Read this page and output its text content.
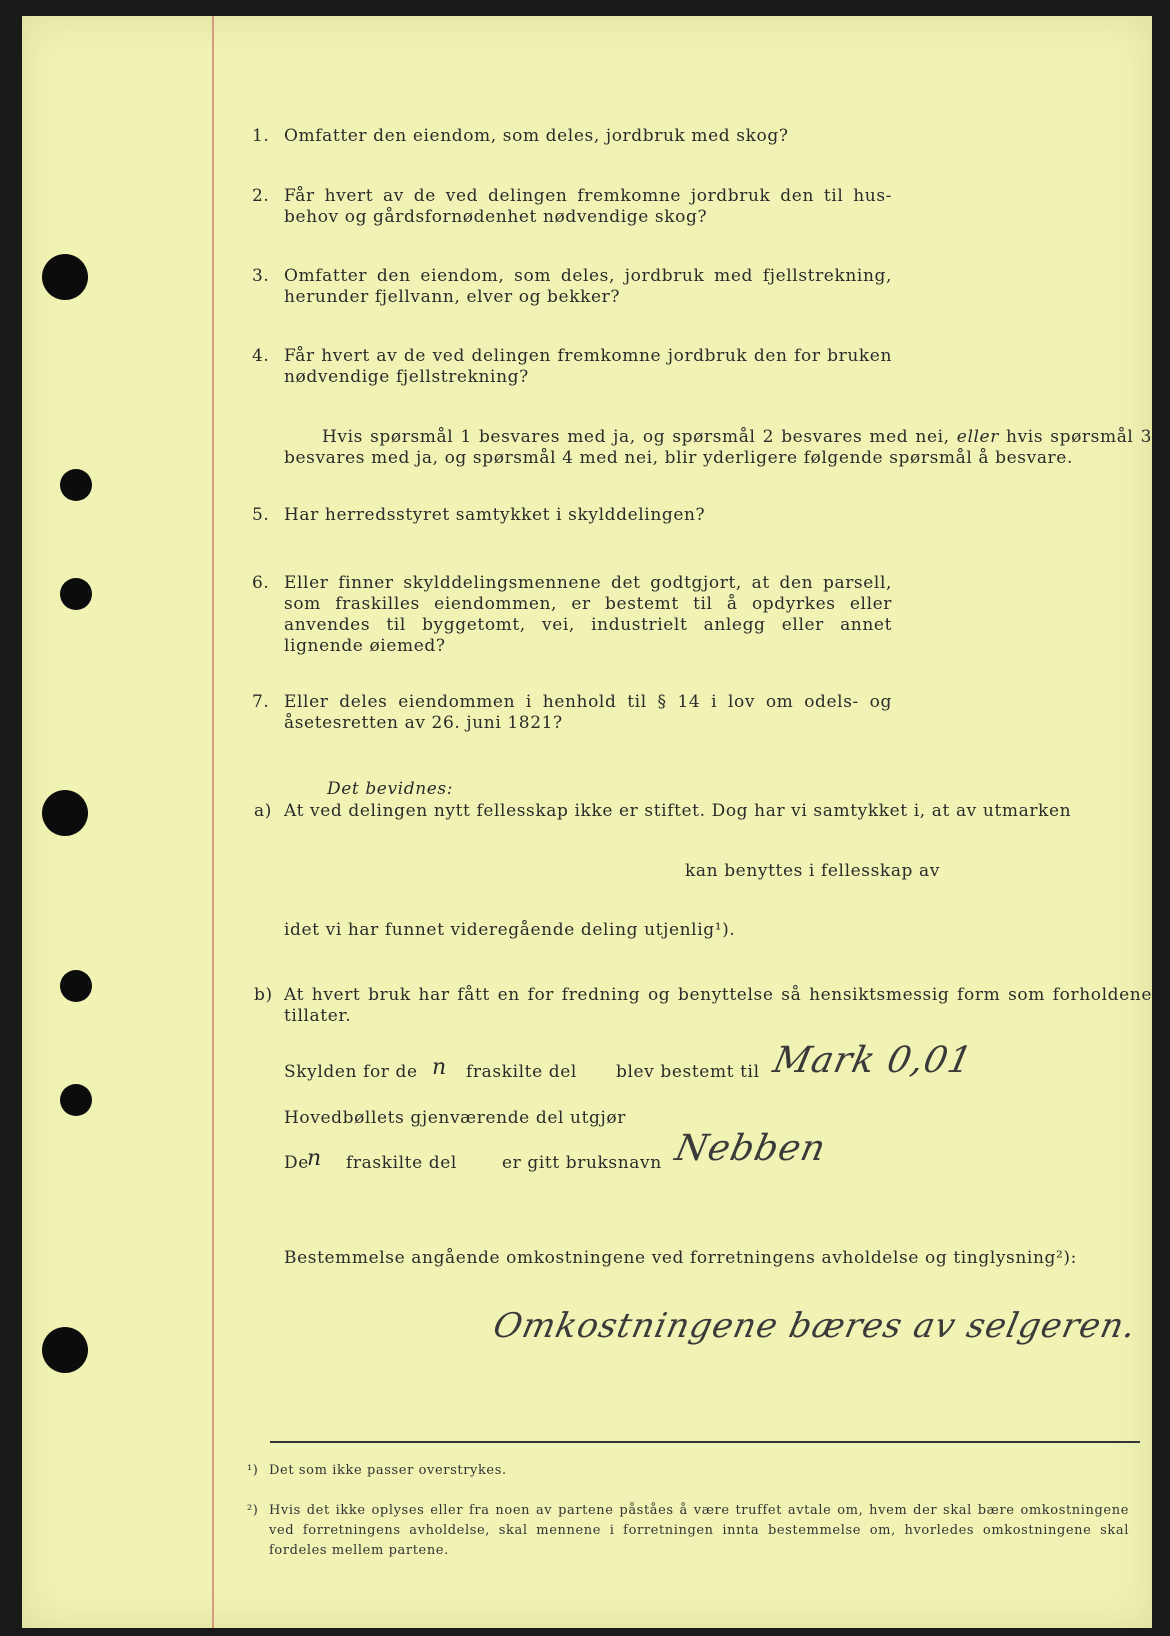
1. Omfatter den eiendom, som deles, jordbruk med skog?
2. Får hvert av de ved delingen fremkomne jordbruk den til hus-behov og gårdsfornødenhet nødvendige skog?
3. Omfatter den eiendom, som deles, jordbruk med fjellstrekning, herunder fjellvann, elver og bekker?
4. Får hvert av de ved delingen fremkomne jordbruk den for bruken nødvendige fjellstrekning?
Hvis spørsmål 1 besvares med ja, og spørsmål 2 besvares med nei, eller hvis spørsmål 3 besvares med ja, og spørsmål 4 med nei, blir yderligere følgende spørsmål å besvare.
5. Har herredsstyret samtykket i skylddelingen?
6. Eller finner skylddelingsmennene det godtgjort, at den parsell, som fraskilles eiendommen, er bestemt til å opdyrkes eller anvendes til byggetomt, vei, industrielt anlegg eller annet lignende øiemed?
7. Eller deles eiendommen i henhold til § 14 i lov om odels- og åsetesretten av 26. juni 1821?
Det bevidnes:
a) At ved delingen nytt fellesskap ikke er stiftet. Dog har vi samtykket i, at av utmarken
kan benyttes i fellesskap av
idet vi har funnet videregående deling utjenlig¹).
b) At hvert bruk har fått en for fredning og benyttelse så hensiktsmessig form som forholdene tillater.
Skylden for de n fraskilte del blev bestemt til Mark 0,01
Hovedbøllets gjenværende del utgjør
De
n fraskilte del	er gitt bruksnavn Nebben
Bestemmelse angående omkostningene ved forretningens avholdelse og tinglysning²):
Omkostningene bæres av selgeren.
¹) Det som ikke passer overstrykes.
²) Hvis det ikke oplyses eller fra noen av partene påståes å være truffet avtale om, hvem der skal bære omkostningene ved forretningens avholdelse, skal mennene i forretningen innta bestemmelse om, hvorledes omkostningene skal fordeles mellem partene.
